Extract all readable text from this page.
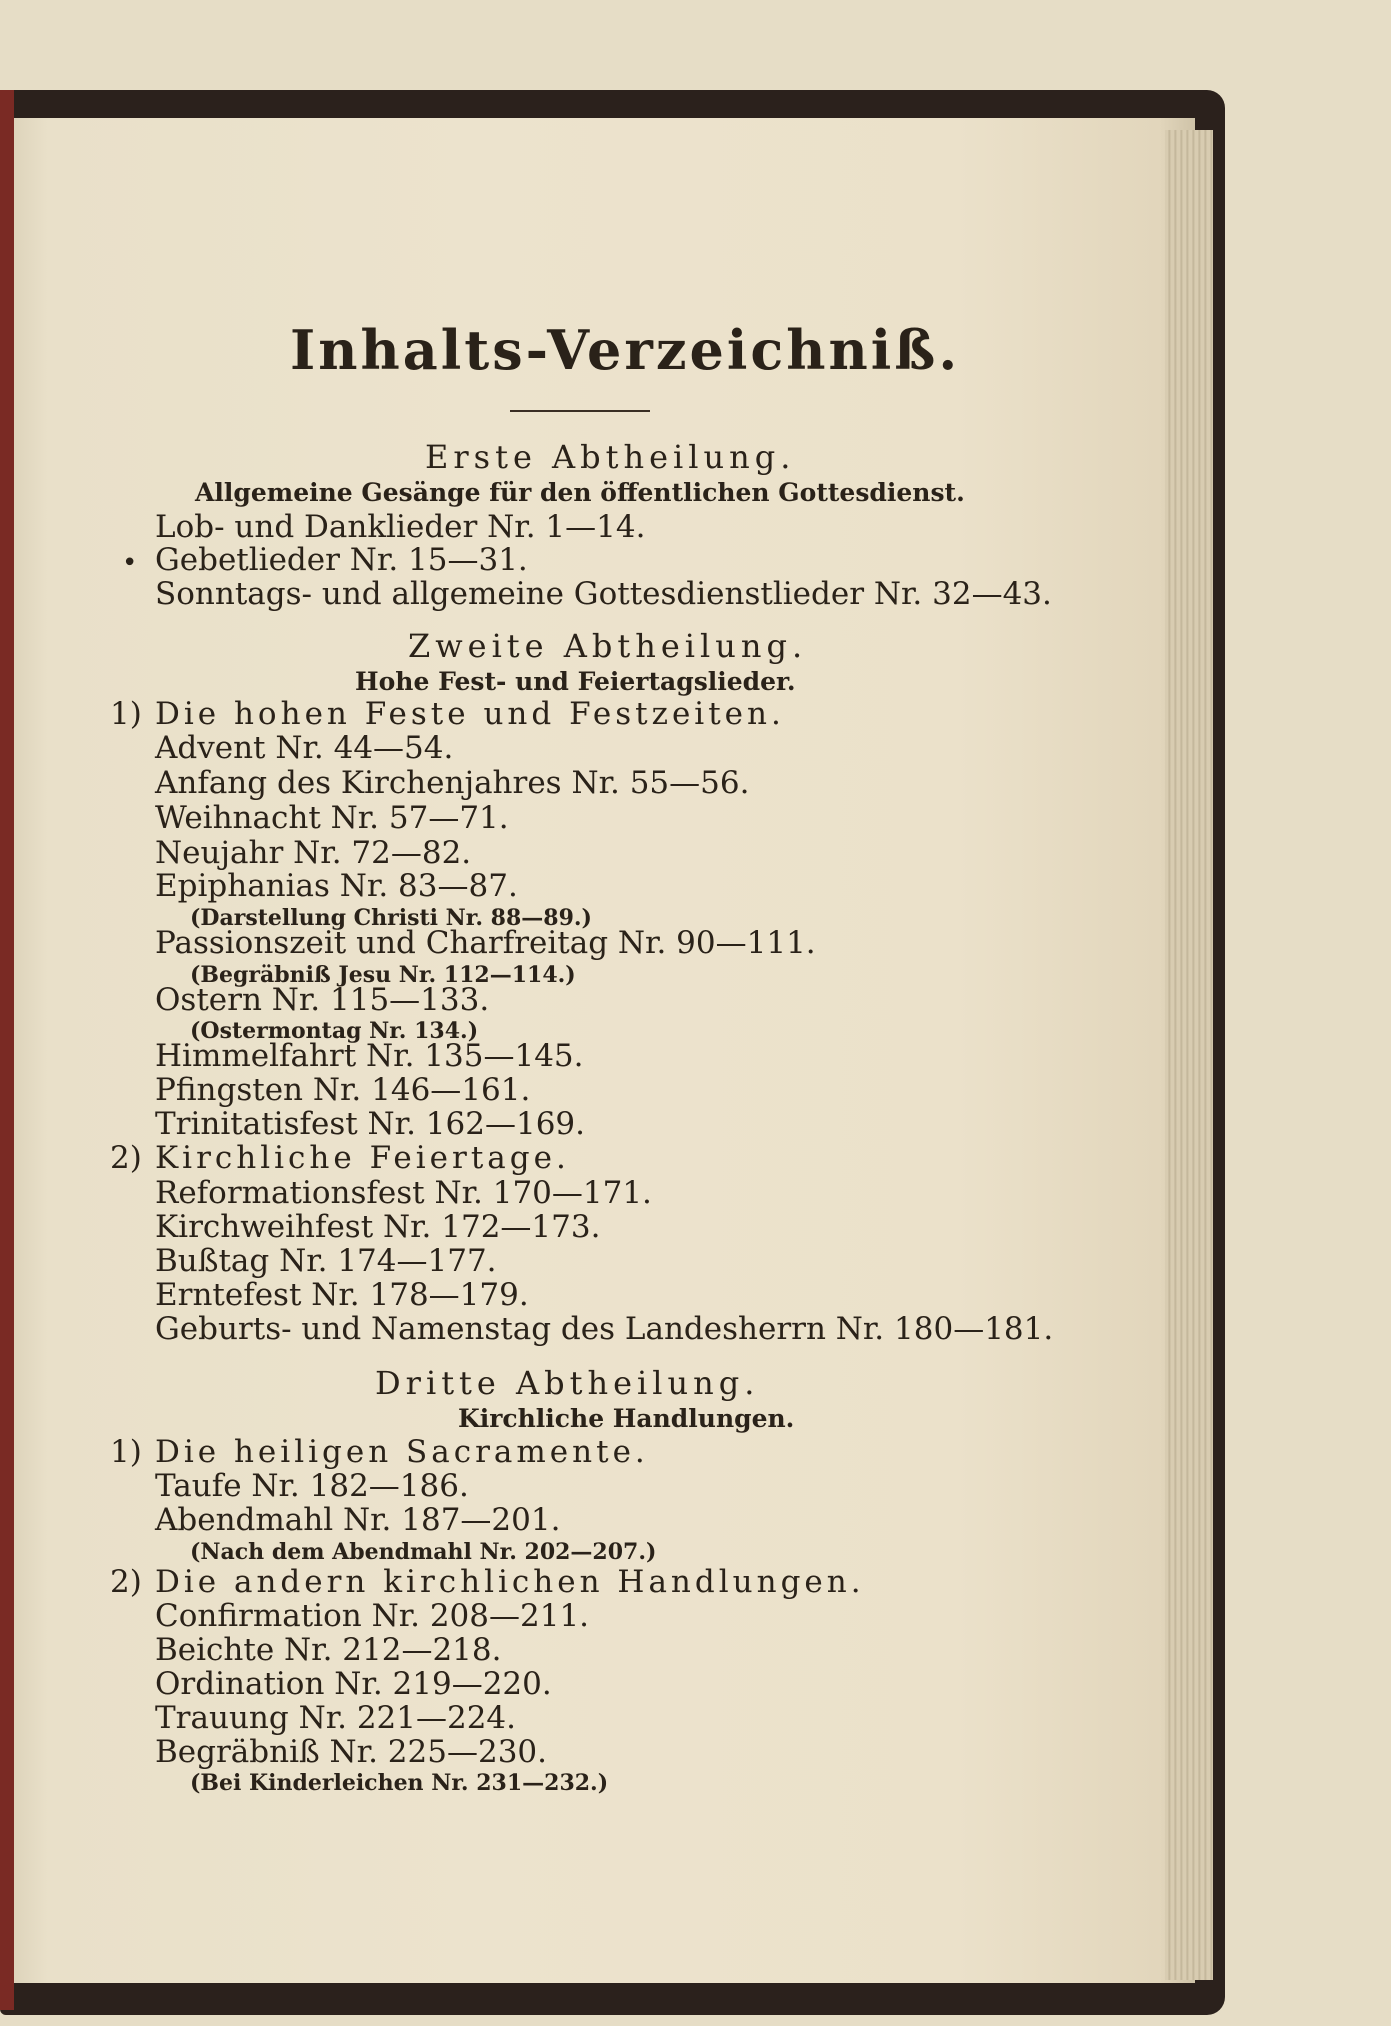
Inhalts-Verzeichniß.
Erste Abtheilung.
Allgemeine Gesänge für den öffentlichen Gottesdienst.
Lob- und Danklieder Nr. 1—14.
• Gebetlieder Nr. 15—31.
Sonntags- und allgemeine Gottesdienstlieder Nr. 32—43.
Zweite Abtheilung.
Hohe Fest- und Feiertagslieder.
1) Die hohen Feste und Festzeiten.
Advent Nr. 44—54.
Anfang des Kirchenjahres Nr. 55—56.
Weihnacht Nr. 57—71.
Neujahr Nr. 72—82.
Epiphanias Nr. 83—87.
(Darstellung Christi Nr. 88—89.)
Passionszeit und Charfreitag Nr. 90—111.
(Begräbniß Jesu Nr. 112—114.)
Ostern Nr. 115—133.
(Ostermontag Nr. 134.)
Himmelfahrt Nr. 135—145.
Pfingsten Nr. 146—161.
Trinitatisfest Nr. 162—169.
2) Kirchliche Feiertage.
Reformationsfest Nr. 170—171.
Kirchweihfest Nr. 172—173.
Bußtag Nr. 174—177.
Erntefest Nr. 178—179.
Geburts- und Namenstag des Landesherrn Nr. 180—181.
Dritte Abtheilung.
Kirchliche Handlungen.
1) Die heiligen Sacramente.
Taufe Nr. 182—186.
Abendmahl Nr. 187—201.
(Nach dem Abendmahl Nr. 202—207.)
2) Die andern kirchlichen Handlungen.
Confirmation Nr. 208—211.
Beichte Nr. 212—218.
Ordination Nr. 219—220.
Trauung Nr. 221—224.
Begräbniß Nr. 225—230.
(Bei Kinderleichen Nr. 231—232.)
